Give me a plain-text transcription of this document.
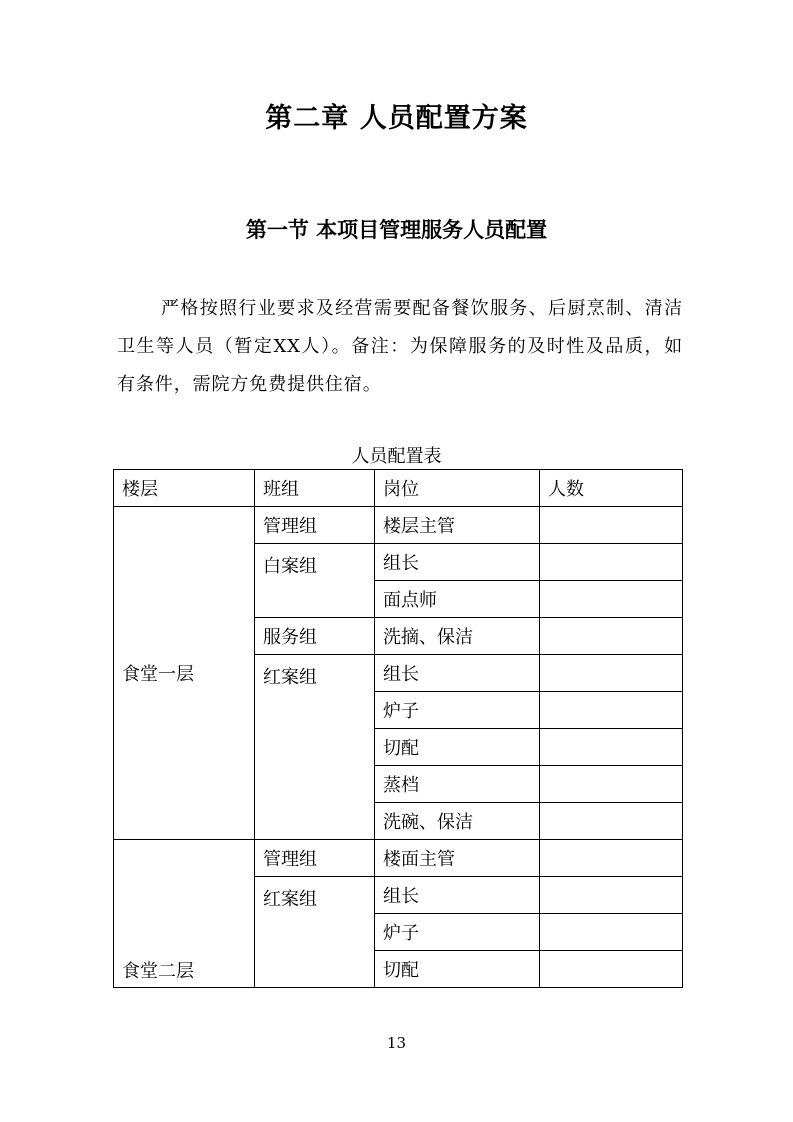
第二章 人员配置方案
第一节 本项目管理服务人员配置

严格按照行业要求及经营需要配备餐饮服务、后厨烹制、清洁卫生等人员（暂定XX人）。备注：为保障服务的及时性及品质，如有条件，需院方免费提供住宿。

人员配置表
楼层	班组	岗位	人数
食堂一层	管理组	楼层主管	
	白案组	组长	
		面点师	
	服务组	洗摘、保洁	
	红案组	组长	
		炉子	
		切配	
		蒸档	
		洗碗、保洁	
食堂二层	管理组	楼面主管	
	红案组	组长	
		炉子	
		切配	
13
